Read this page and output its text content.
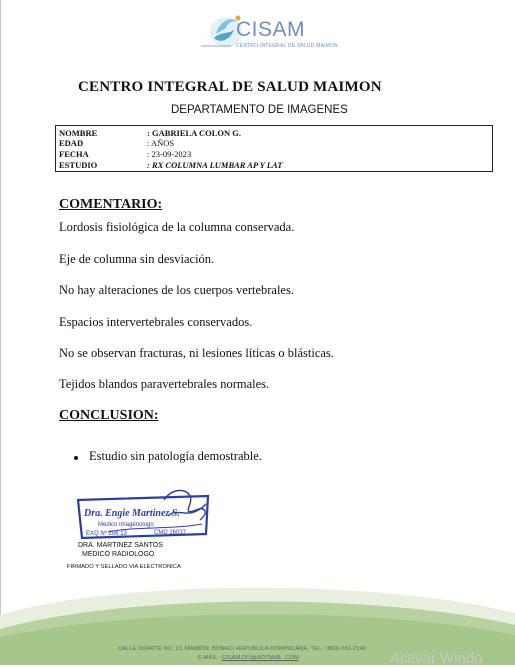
CISAM
CENTRO INTEGRAL DE SALUD MAIMON
CENTRO INTEGRAL DE SALUD MAIMON
DEPARTAMENTO DE IMAGENES
NOMBRE	: GABRIELA COLON G.
EDAD	: AÑOS
FECHA	: 23-09-2023
ESTUDIO	: RX COLUMNA LUMBAR AP Y LAT
COMENTARIO:
Lordosis fisiológica de la columna conservada.
Eje de columna sin desviación.
No hay alteraciones de los cuerpos vertebrales.
Espacios intervertebrales conservados.
No se observan fracturas, ni lesiones líticas o blásticas.
Tejidos blandos paravertebrales normales.
CONCLUSION:
Estudio sin patología demostrable.
Dra. Engie Martinez S.
Medico Imagenologo
EXQ Nº 206 13	CMD 26037
DRA. MARTINEZ SANTOS
MEDICO RADIOLOGO
FIRMADO Y SELLADO VIA ELECTRONICA
CALLE DUARTE NO. 13, MAIMÓN, BONAO, REPUBLICA DOMINICANA, TEL.: (809)-551-2196
E-MAIL : CISAM.DO@HOTMAIL .COM	Activar Windo
